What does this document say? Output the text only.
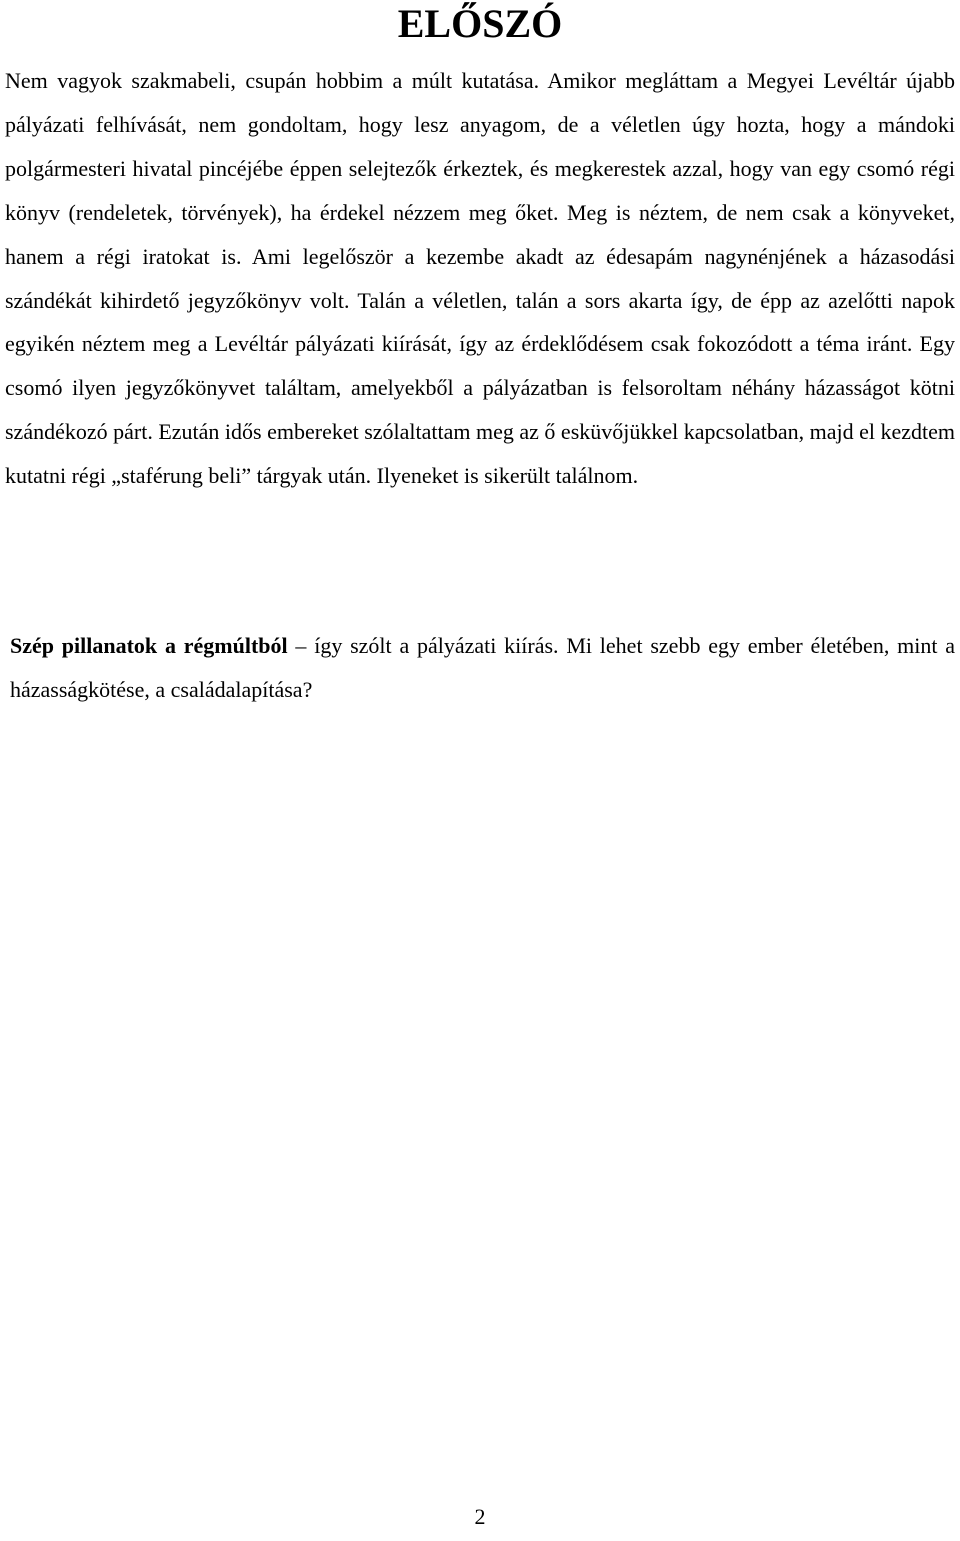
ELŐSZÓ

Nem vagyok szakmabeli, csupán hobbim a múlt kutatása. Amikor megláttam a Megyei Levéltár újabb pályázati felhívását, nem gondoltam, hogy lesz anyagom, de a véletlen úgy hozta, hogy a mándoki polgármesteri hivatal pincéjébe éppen selejtezők érkeztek, és megkerestek azzal, hogy van egy csomó régi könyv (rendeletek, törvények), ha érdekel nézzem meg őket. Meg is néztem, de nem csak a könyveket, hanem a régi iratokat is. Ami legelőször a kezembe akadt az édesapám nagynénjének a házasodási szándékát kihirdető jegyzőkönyv volt. Talán a véletlen, talán a sors akarta így, de épp az azelőtti napok egyikén néztem meg a Levéltár pályázati kiírását, így az érdeklődésem csak fokozódott a téma iránt. Egy csomó ilyen jegyzőkönyvet találtam, amelyekből a pályázatban is felsoroltam néhány házasságot kötni szándékozó párt. Ezután idős embereket szólaltattam meg az ő esküvőjükkel kapcsolatban, majd el kezdtem kutatni régi „staférung beli” tárgyak után. Ilyeneket is sikerült találnom.

Szép pillanatok a régmúltból – így szólt a pályázati kiírás. Mi lehet szebb egy ember életében, mint a házasságkötése, a családalapítása?

2
